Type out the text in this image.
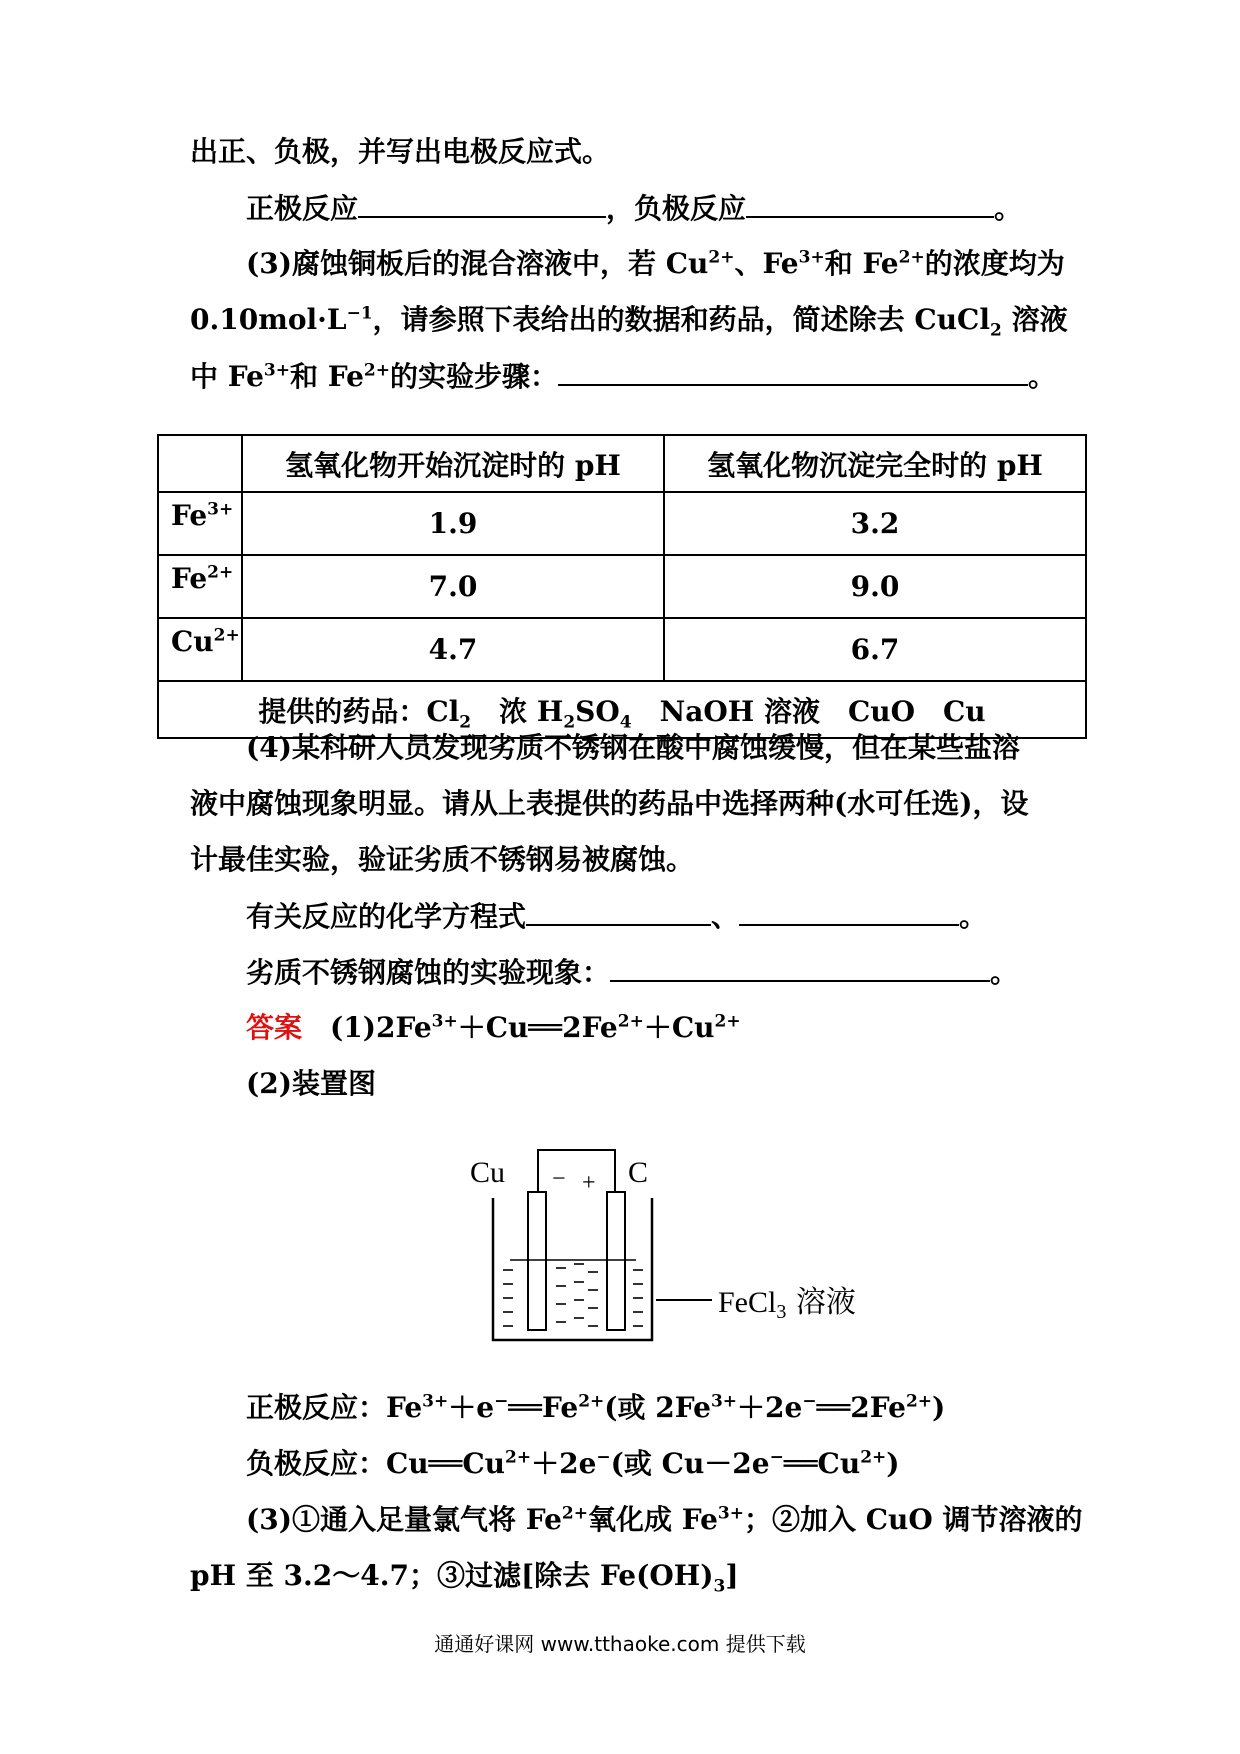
出正、负极，并写出电极反应式。
正极反应	，负极反应	。
(3)腐蚀铜板后的混合溶液中，若 $Cu^{2+}$、$Fe^{3+}$和 $Fe^{2+}$的浓度均为
$0.10mol\cdot L^{-1}$，请参照下表给出的数据和药品，简述除去 CuCl$_2$ 溶液
中 $Fe^{3+}$和 $Fe^{2+}$的实验步骤：	。
	氢氧化物开始沉淀时的 pH	氢氧化物沉淀完全时的 pH
$Fe^{3+}$	1.9	3.2
$Fe^{2+}$	7.0	9.0
$Cu^{2+}$	4.7	6.7
提供的药品：$Cl_2$　浓 $H_2SO_4$　NaOH 溶液　CuO　Cu		
(4)某科研人员发现劣质不锈钢在酸中腐蚀缓慢，但在某些盐溶
液中腐蚀现象明显。请从上表提供的药品中选择两种(水可任选)，设
计最佳实验，验证劣质不锈钢易被腐蚀。
有关反应的化学方程式	、	。
劣质不锈钢腐蚀的实验现象：	。
答案　 $(1)2Fe^{3+}+Cu══2Fe^{2+}+Cu^{2+}$
(2)装置图
Cu	C
− +
FeCl$_3$ 溶液
正极反应：$Fe^{3+}+e^-══Fe^{2+}$(或 $2Fe^{3+}+2e^-══2Fe^{2+}$)
负极反应：$Cu══Cu^{2+}+2e^-$(或 $Cu-2e^-══Cu^{2+}$)
(3)①通入足量氯气将 $Fe^{2+}$氧化成 $Fe^{3+}$；②加入 CuO 调节溶液的
pH 至 3.2～4.7；③过滤[除去 $Fe(OH)_3$]
通通好课网 www.tthaoke.com 提供下载
